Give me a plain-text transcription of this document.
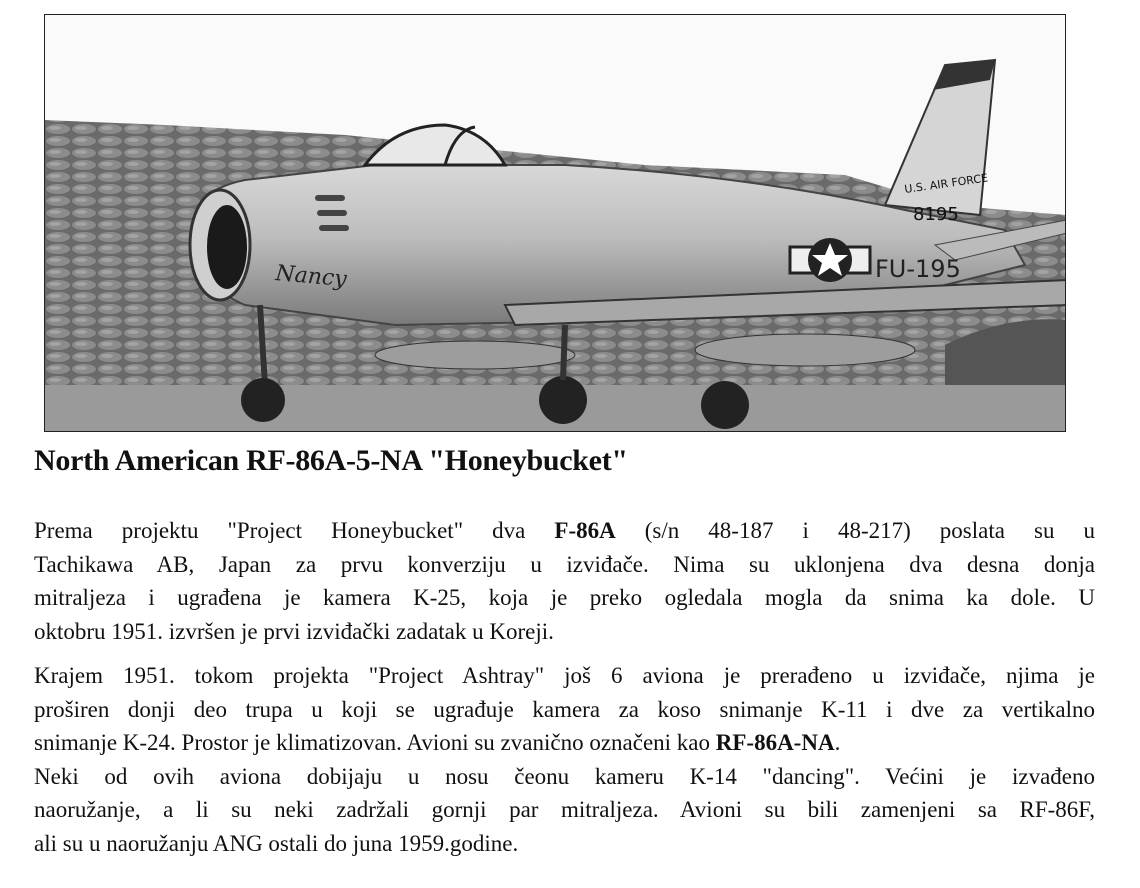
U.S. AIR FORCE
8195
FU-195
Nancy
North American RF-86A-5-NA "Honeybucket"
Prema projektu "Project Honeybucket" dva F-86A (s/n 48-187 i 48-217) poslata su u
Tachikawa AB, Japan za prvu konverziju u izviđače. Nima su uklonjena dva desna donja
mitraljeza i ugrađena je kamera K-25, koja je preko ogledala mogla da snima ka dole. U
oktobru 1951. izvršen je prvi izviđački zadatak u Koreji.
Krajem 1951. tokom projekta "Project Ashtray" još 6 aviona je prerađeno u izviđače, njima je
proširen donji deo trupa u koji se ugrađuje kamera za koso snimanje K-11 i dve za vertikalno
snimanje K-24. Prostor je klimatizovan. Avioni su zvanično označeni kao RF-86A-NA.
Neki od ovih aviona dobijaju u nosu čeonu kameru K-14 "dancing". Većini je izvađeno
naoružanje, a li su neki zadržali gornji par mitraljeza. Avioni su bili zamenjeni sa RF-86F,
ali su u naoružanju ANG ostali do juna 1959.godine.
